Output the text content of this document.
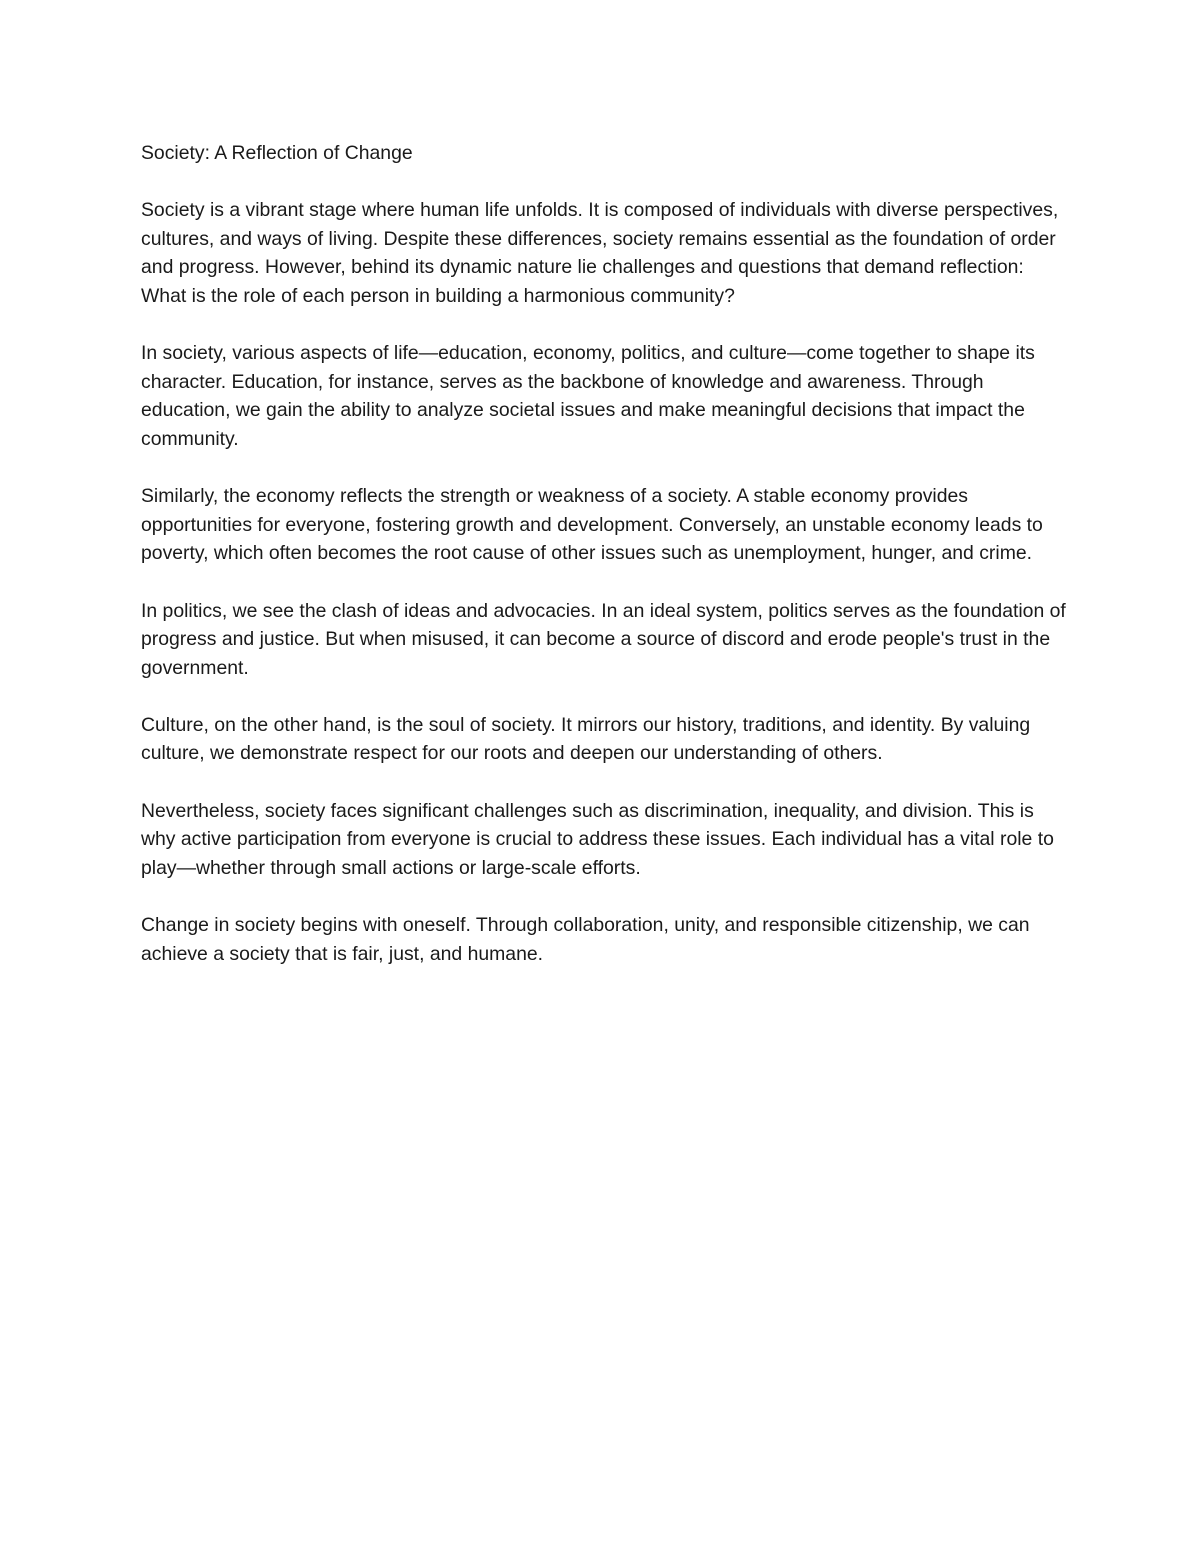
Society: A Reflection of Change

Society is a vibrant stage where human life unfolds. It is composed of individuals with diverse perspectives, cultures, and ways of living. Despite these differences, society remains essential as the foundation of order and progress. However, behind its dynamic nature lie challenges and questions that demand reflection: What is the role of each person in building a harmonious community?

In society, various aspects of life—education, economy, politics, and culture—come together to shape its character. Education, for instance, serves as the backbone of knowledge and awareness. Through education, we gain the ability to analyze societal issues and make meaningful decisions that impact the community.

Similarly, the economy reflects the strength or weakness of a society. A stable economy provides opportunities for everyone, fostering growth and development. Conversely, an unstable economy leads to poverty, which often becomes the root cause of other issues such as unemployment, hunger, and crime.

In politics, we see the clash of ideas and advocacies. In an ideal system, politics serves as the foundation of progress and justice. But when misused, it can become a source of discord and erode people's trust in the government.

Culture, on the other hand, is the soul of society. It mirrors our history, traditions, and identity. By valuing culture, we demonstrate respect for our roots and deepen our understanding of others.

Nevertheless, society faces significant challenges such as discrimination, inequality, and division. This is why active participation from everyone is crucial to address these issues. Each individual has a vital role to play—whether through small actions or large-scale efforts.

Change in society begins with oneself. Through collaboration, unity, and responsible citizenship, we can achieve a society that is fair, just, and humane.
